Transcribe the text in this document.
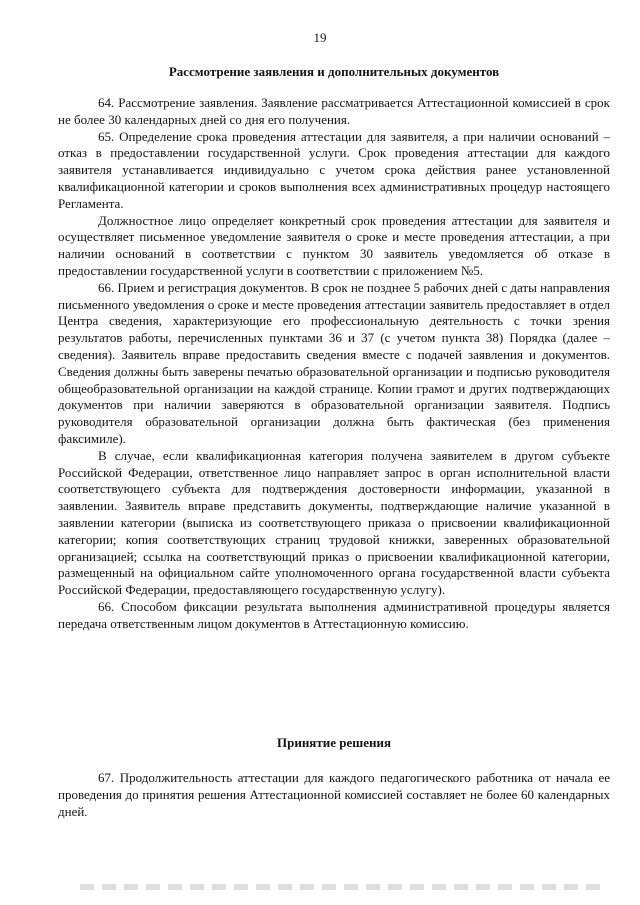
19
Рассмотрение заявления и дополнительных документов

64. Рассмотрение заявления. Заявление рассматривается Аттестационной комиссией в срок не более 30 календарных дней со дня его получения.

65. Определение срока проведения аттестации для заявителя, а при наличии оснований – отказ в предоставлении государственной услуги. Срок проведения аттестации для каждого заявителя устанавливается индивидуально с учетом срока действия ранее установленной квалификационной категории и сроков выполнения всех административных процедур настоящего Регламента.

Должностное лицо определяет конкретный срок проведения аттестации для заявителя и осуществляет письменное уведомление заявителя о сроке и месте проведения аттестации, а при наличии оснований в соответствии с пунктом 30 заявитель уведомляется об отказе в предоставлении государственной услуги в соответствии с приложением №5.

66. Прием и регистрация документов. В срок не позднее 5 рабочих дней с даты направления письменного уведомления о сроке и месте проведения аттестации заявитель предоставляет в отдел Центра сведения, характеризующие его профессиональную деятельность с точки зрения результатов работы, перечисленных пунктами 36 и 37 (с учетом пункта 38) Порядка (далее – сведения). Заявитель вправе предоставить сведения вместе с подачей заявления и документов. Сведения должны быть заверены печатью образовательной организации и подписью руководителя общеобразовательной организации на каждой странице. Копии грамот и других подтверждающих документов при наличии заверяются в образовательной организации заявителя. Подпись руководителя образовательной организации должна быть фактическая (без применения факсимиле).

В случае, если квалификационная категория получена заявителем в другом субъекте Российской Федерации, ответственное лицо направляет запрос в орган исполнительной власти соответствующего субъекта для подтверждения достоверности информации, указанной в заявлении. Заявитель вправе представить документы, подтверждающие наличие указанной в заявлении категории (выписка из соответствующего приказа о присвоении квалификационной категории; копия соответствующих страниц трудовой книжки, заверенных образовательной организацией; ссылка на соответствующий приказ о присвоении квалификационной категории, размещенный на официальном сайте уполномоченного органа государственной власти субъекта Российской Федерации, предоставляющего государственную услугу).

66. Способом фиксации результата выполнения административной процедуры является передача ответственным лицом документов в Аттестационную комиссию.

Принятие решения

67. Продолжительность аттестации для каждого педагогического работника от начала ее проведения до принятия решения Аттестационной комиссией составляет не более 60 календарных дней.
